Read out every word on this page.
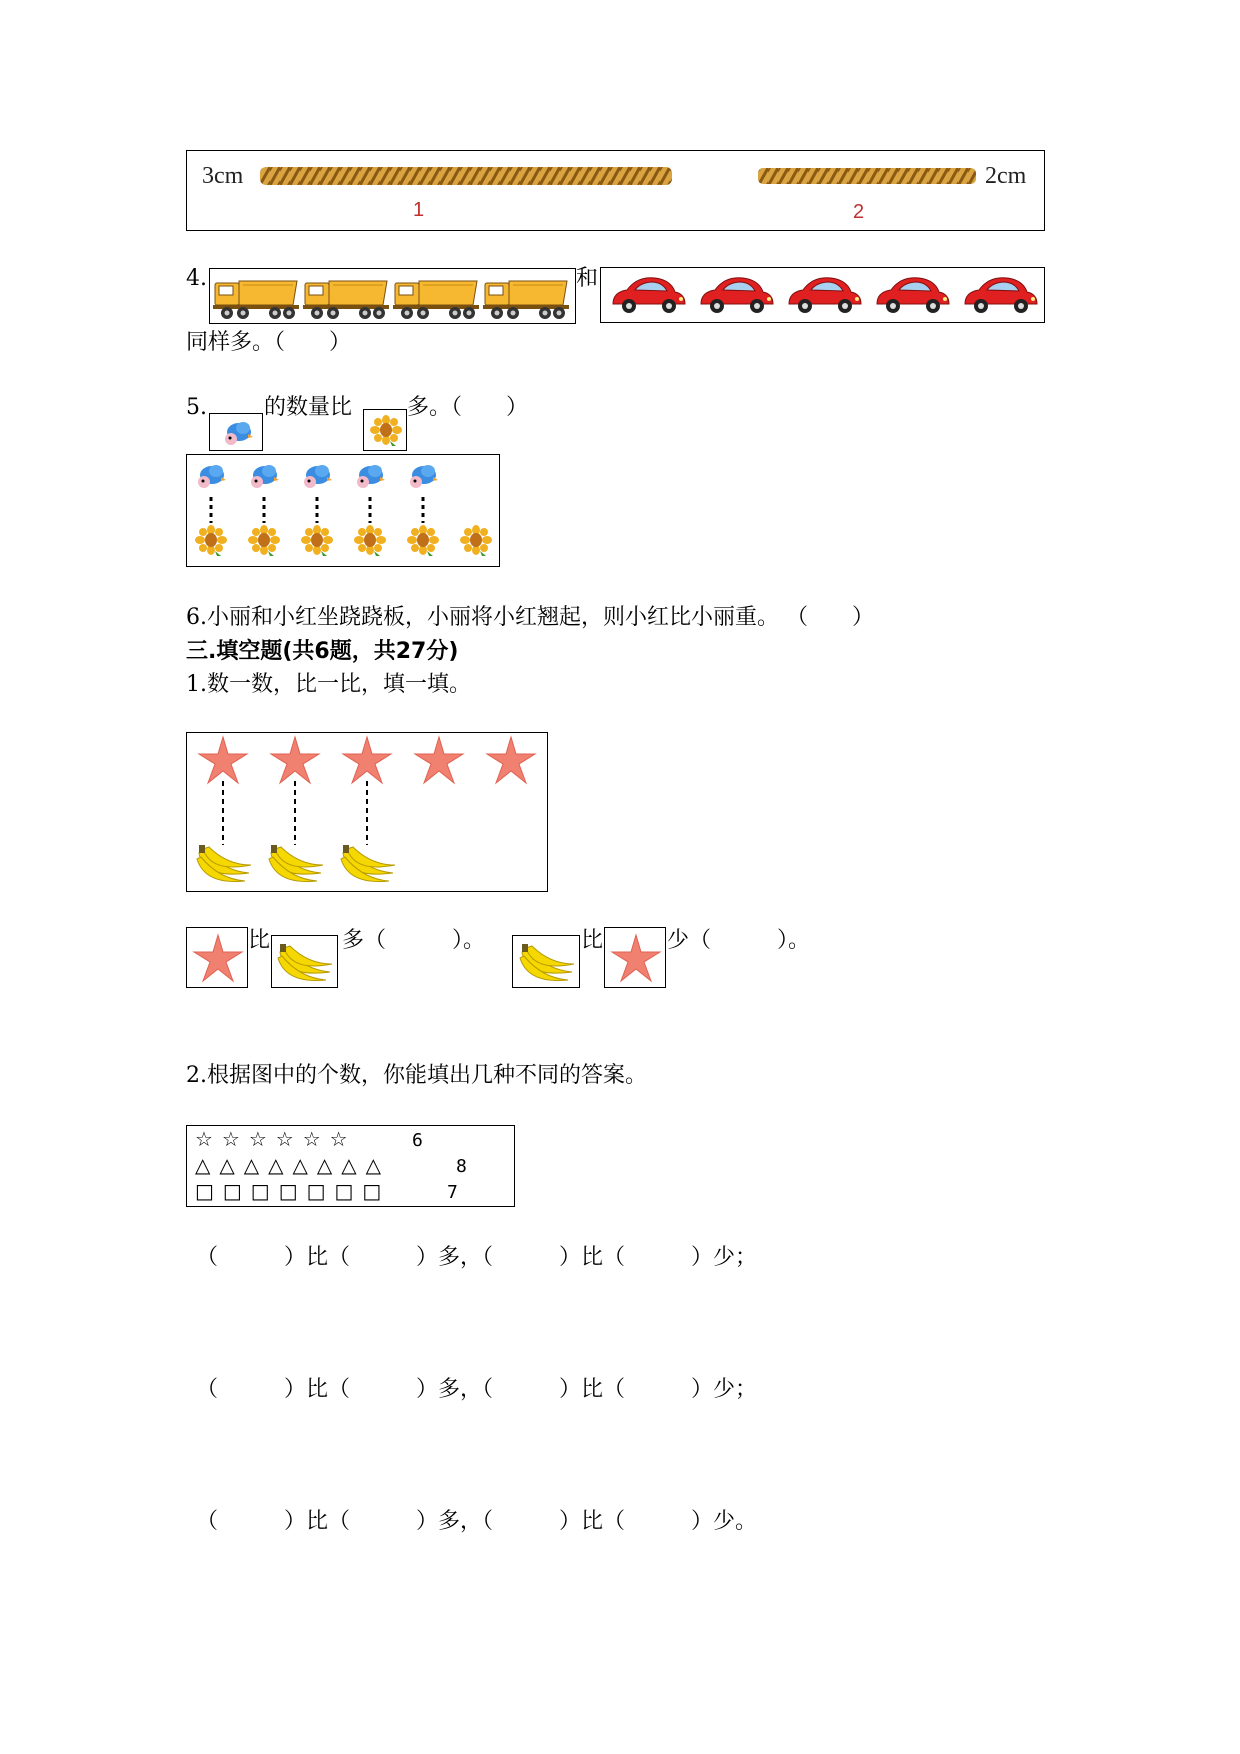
3cm
1
2cm
2
4.	和
同样多。（　　）
5.	的数量比 多。（　　）
6.小丽和小红坐跷跷板，小丽将小红翘起，则小红比小丽重。 （　　）
三.填空题(共6题，共27分)
1.数一数，比一比，填一填。
比	多（　　　）。	比	少（　　　）。
2.根据图中的个数，你能填出几种不同的答案。
☆☆☆☆☆☆	6
△△△△△△△△	8
□□□□□□□	7
（　　　）比（　　　）多，（　　　）比（　　　）少；
（　　　）比（　　　）多，（　　　）比（　　　）少；
（　　　）比（　　　）多，（　　　）比（　　　）少。
